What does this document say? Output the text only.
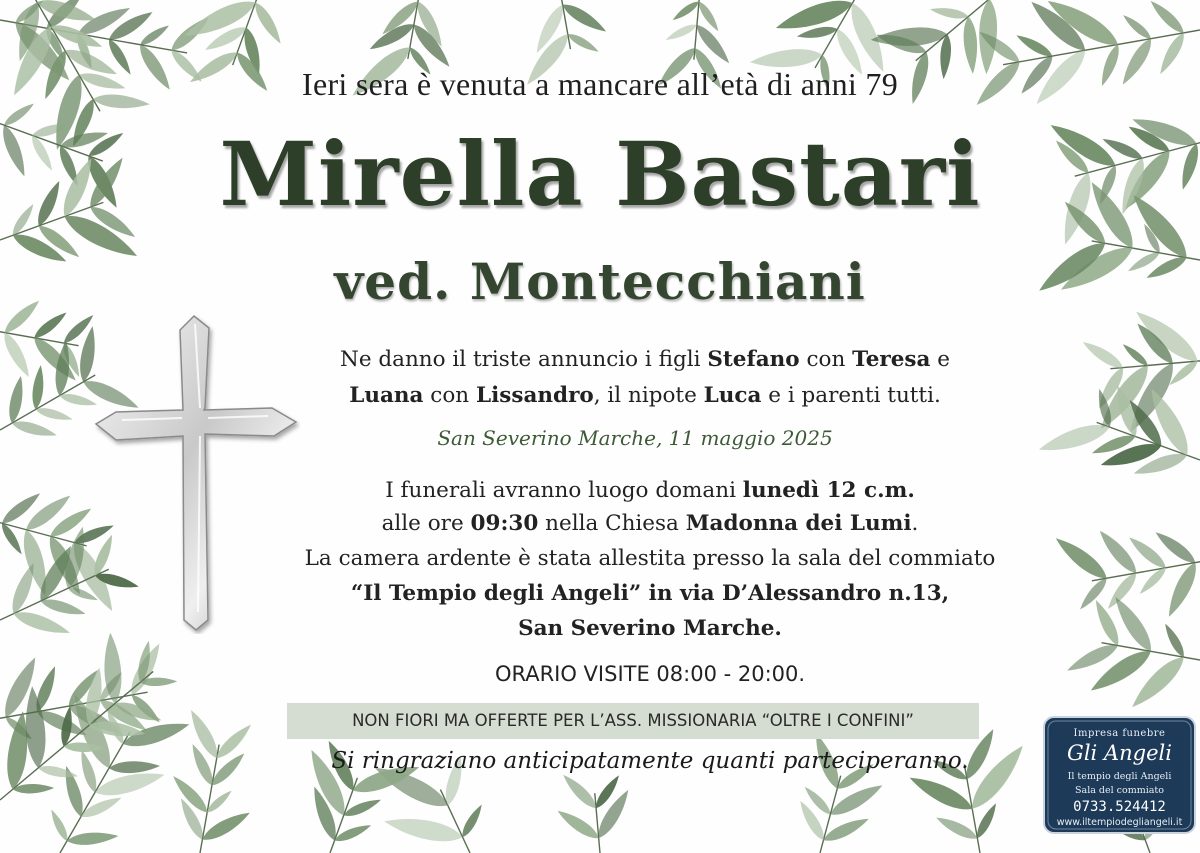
Ieri sera è venuta a mancare all’età di anni 79
Mirella Bastari
ved. Montecchiani
Ne danno il triste annuncio i figli Stefano con Teresa e
Luana con Lissandro, il nipote Luca e i parenti tutti.
San Severino Marche, 11 maggio 2025
I funerali avranno luogo domani lunedì 12 c.m.
alle ore 09:30 nella Chiesa Madonna dei Lumi.
La camera ardente è stata allestita presso la sala del commiato
“Il Tempio degli Angeli” in via D’Alessandro n.13,
San Severino Marche.
ORARIO VISITE 08:00 - 20:00.
NON FIORI MA OFFERTE PER L’ASS. MISSIONARIA “OLTRE I CONFINI”
Si ringraziano anticipatamente quanti parteciperanno.
Impresa funebre
Gli Angeli
Il tempio degli Angeli
Sala del commiato
0733.524412
www.iltempiodegliangeli.it
